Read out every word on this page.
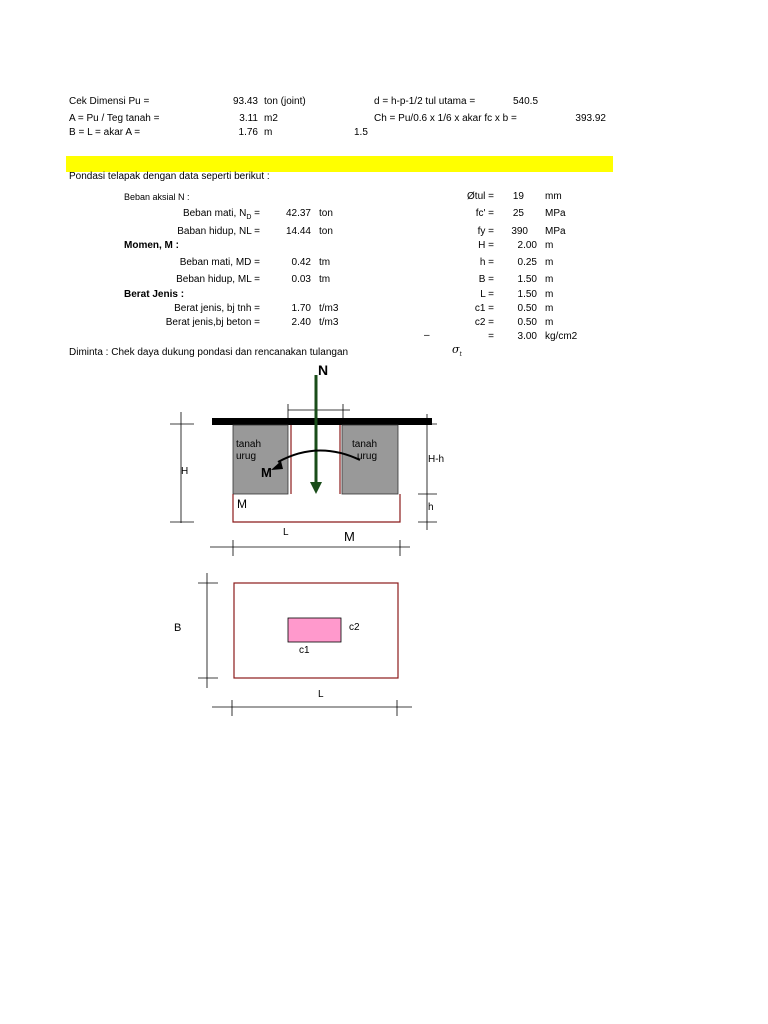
Cek Dimensi Pu =	93.43 ton (joint)	d = h-p-1/2 tul utama =	540.5
A = Pu / Teg tanah =	3.11 m2	Ch = Pu/0.6 x 1/6 x akar fc x b =	393.92
B = L = akar A =	1.76 m	1.5
Pondasi telapak dengan data seperti berikut :
Beban aksial N :
Beban mati, $N_D$ =	42.37 ton
Baban hidup, NL =	14.44 ton
Momen, M :
Beban mati, MD =	0.42 tm
Beban hidup, ML =	0.03 tm
Berat Jenis :
Berat jenis, bj tnh =	1.70 t/m3
Berat jenis,bj beton =	2.40 t/m3
Øtul =	19 mm
fc' =	25 MPa
fy =	390 MPa
H =	2.00 m
h =	0.25 m
B =	1.50 m
L =	1.50 m
c1 =	0.50 m
c2 =	0.50 m
–	=	3.00 kg/cm2
$\sigma_t$
Diminta : Chek daya dukung pondasi dan rencanakan tulangan
N
tanah
urug
tanah
urug
M
M
H
H-h
h
L	M
B	c2
c1
L
